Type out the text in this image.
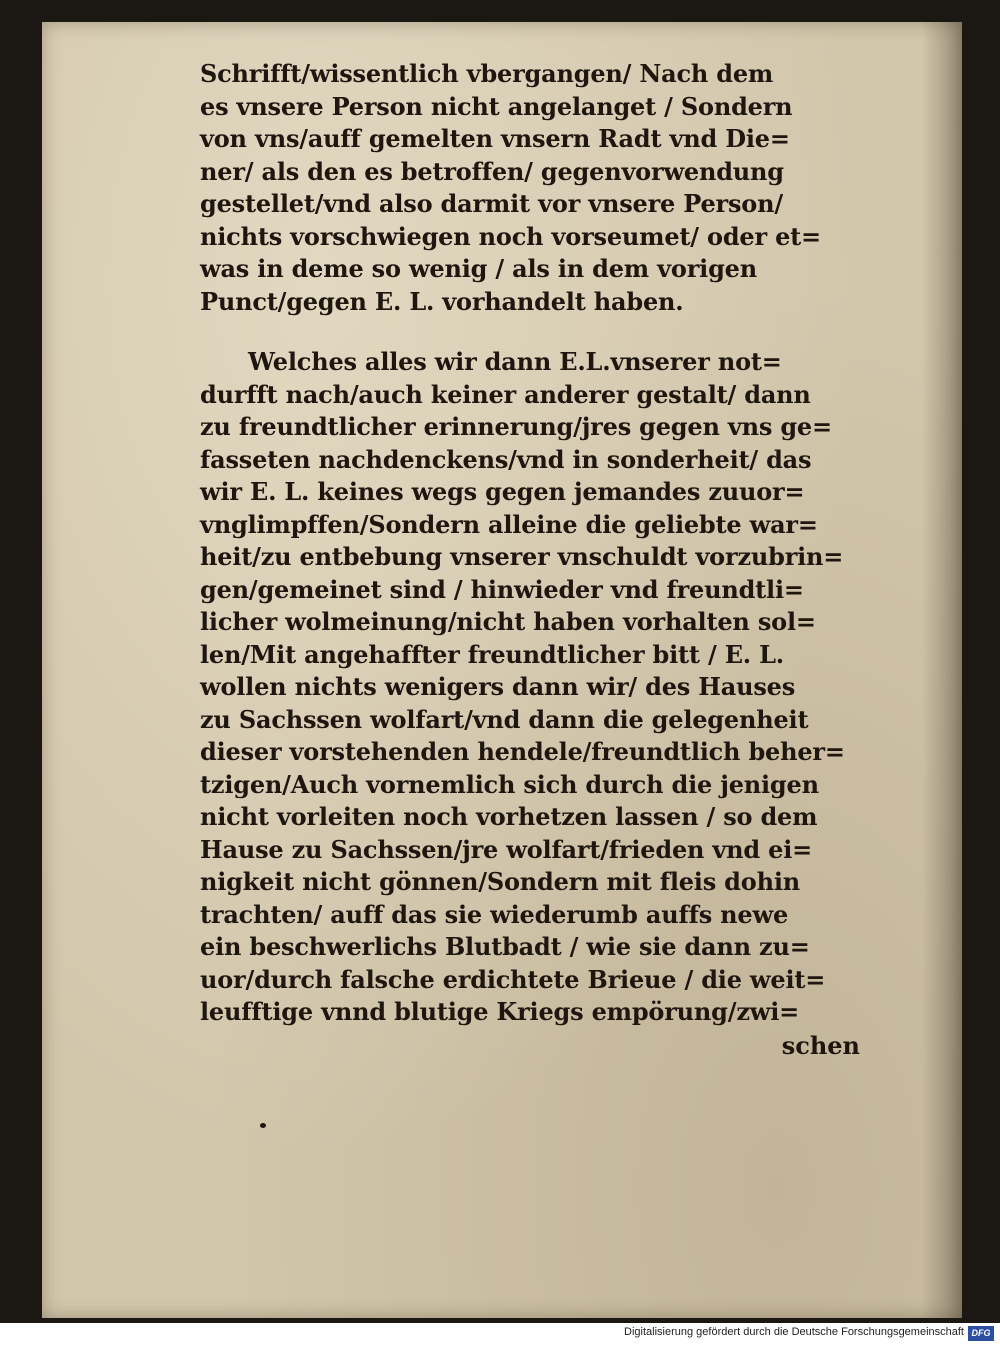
Schrifft/wissentlich vbergangen/ Nach dem
es vnsere Person nicht angelanget / Sondern
von vns/auff gemelten vnsern Radt vnd Die=
ner/ als den es betroffen/ gegenvorwendung
gestellet/vnd also darmit vor vnsere Person/
nichts vorschwiegen noch vorseumet/ oder et=
was in deme so wenig / als in dem vorigen
Punct/gegen E. L. vorhandelt haben.
Welches alles wir dann E.L.vnserer not=
durfft nach/auch keiner anderer gestalt/ dann
zu freundtlicher erinnerung/jres gegen vns ge=
fasseten nachdenckens/vnd in sonderheit/ das
wir E. L. keines wegs gegen jemandes zuuor=
vnglimpffen/Sondern alleine die geliebte war=
heit/zu entbebung vnserer vnschuldt vorzubrin=
gen/gemeinet sind / hinwieder vnd freundtli=
licher wolmeinung/nicht haben vorhalten sol=
len/Mit angehaffter freundtlicher bitt / E. L.
wollen nichts wenigers dann wir/ des Hauses
zu Sachssen wolfart/vnd dann die gelegenheit
dieser vorstehenden hendele/freundtlich beher=
tzigen/Auch vornemlich sich durch die jenigen
nicht vorleiten noch vorhetzen lassen / so dem
Hause zu Sachssen/jre wolfart/frieden vnd ei=
nigkeit nicht gönnen/Sondern mit fleis dohin
trachten/ auff das sie wiederumb auffs newe
ein beschwerlichs Blutbadt / wie sie dann zu=
uor/durch falsche erdichtete Brieue / die weit=
leufftige vnnd blutige Kriegs empörung/zwi=
schen
Digitalisierung gefördert durch die Deutsche Forschungsgemeinschaft DFG
